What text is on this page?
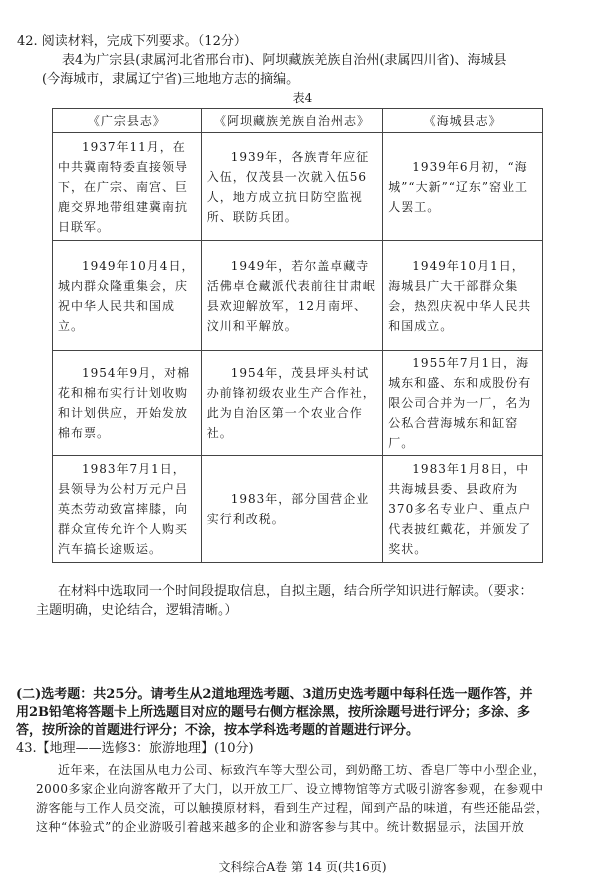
42. 阅读材料，完成下列要求。（12分）
表4为广宗县(隶属河北省邢台市)、阿坝藏族羌族自治州(隶属四川省)、海城县
(今海城市，隶属辽宁省)三地地方志的摘编。
表4
《广宗县志》	《阿坝藏族羌族自治州志》	《海城县志》

1937年11月，在中共冀南特委直接领导下，在广宗、南宫、巨鹿交界地带组建冀南抗日联军。	1939年，各族青年应征入伍，仅茂县一次就入伍56人，地方成立抗日防空监视所、联防兵团。	1939年6月初，“海城”“大新”“辽东”窑业工人罢工。

1949年10月4日，城内群众隆重集会，庆祝中华人民共和国成立。	1949年，若尔盖卓藏寺活佛卓仓藏派代表前往甘肃岷县欢迎解放军，12月南坪、汶川和平解放。	1949年10月1日，海城县广大干部群众集会，热烈庆祝中华人民共和国成立。

1954年9月，对棉花和棉布实行计划收购和计划供应，开始发放棉布票。	1954年，茂县坪头村试办前锋初级农业生产合作社，此为自治区第一个农业合作社。	1955年7月1日，海城东和盛、东和成股份有限公司合并为一厂，名为公私合营海城东和缸窑厂。

1983年7月1日，县领导为公村万元户吕英杰劳动致富摔膝，向群众宣传允许个人购买汽车搞长途贩运。	1983年，部分国营企业实行利改税。	1983年1月8日，中共海城县委、县政府为370多名专业户、重点户代表披红戴花，并颁发了奖状。
在材料中选取同一个时间段提取信息，自拟主题，结合所学知识进行解读。（要求：
主题明确，史论结合，逻辑清晰。）
(二)选考题：共25分。请考生从2道地理选考题、3道历史选考题中每科任选一题作答，并
用2B铅笔将答题卡上所选题目对应的题号右侧方框涂黑，按所涂题号进行评分；多涂、多
答，按所涂的首题进行评分；不涂，按本学科选考题的首题进行评分。
43.【地理——选修3：旅游地理】(10分)
近年来，在法国从电力公司、标致汽车等大型公司，到奶酪工坊、香皂厂等中小型企业，
2000多家企业向游客敞开了大门，以开放工厂、设立博物馆等方式吸引游客参观，在参观中
游客能与工作人员交流，可以触摸原材料，看到生产过程，闻到产品的味道，有些还能品尝，
这种“体验式”的企业游吸引着越来越多的企业和游客参与其中。统计数据显示，法国开放
文科综合A卷 第 14 页(共16页)
